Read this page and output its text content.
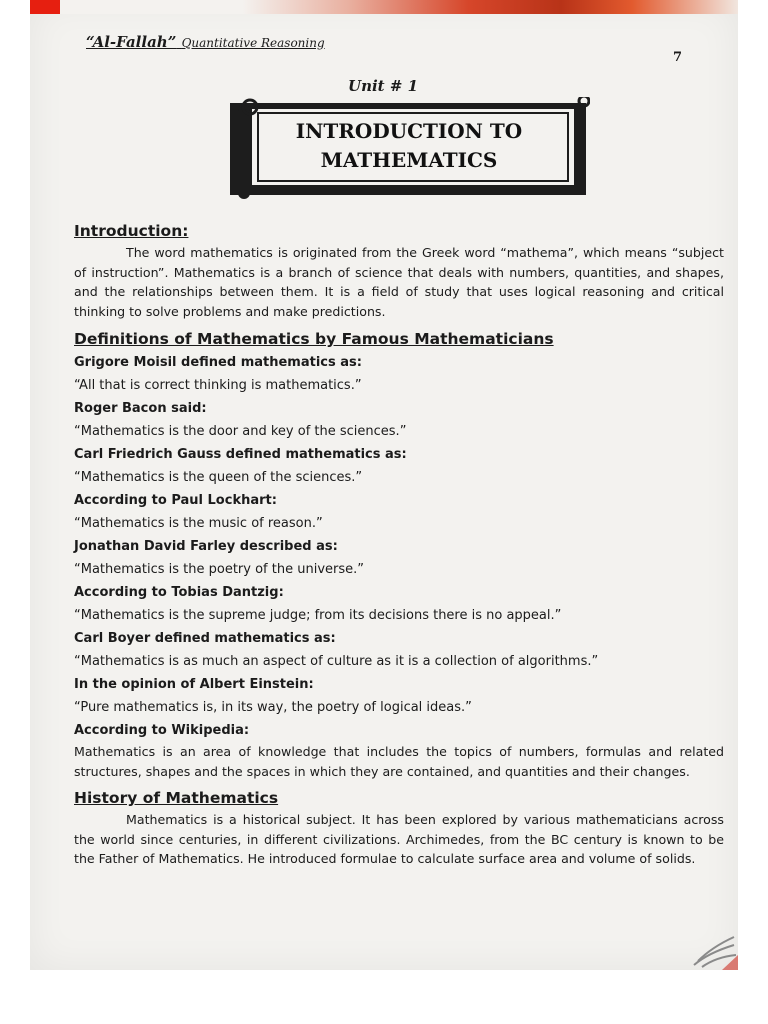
“Al-Fallah” Quantitative Reasoning
7
Unit # 1
INTRODUCTION TO
MATHEMATICS

Introduction:

The word mathematics is originated from the Greek word “mathema”, which means “subject of instruction”. Mathematics is a branch of science that deals with numbers, quantities, and shapes, and the relationships between them. It is a field of study that uses logical reasoning and critical thinking to solve problems and make predictions.

Definitions of Mathematics by Famous Mathematicians

Grigore Moisil defined mathematics as:

“All that is correct thinking is mathematics.”

Roger Bacon said:

“Mathematics is the door and key of the sciences.”

Carl Friedrich Gauss defined mathematics as:

“Mathematics is the queen of the sciences.”

According to Paul Lockhart:

“Mathematics is the music of reason.”

Jonathan David Farley described as:

“Mathematics is the poetry of the universe.”

According to Tobias Dantzig:

“Mathematics is the supreme judge; from its decisions there is no appeal.”

Carl Boyer defined mathematics as:

“Mathematics is as much an aspect of culture as it is a collection of algorithms.”

In the opinion of Albert Einstein:

“Pure mathematics is, in its way, the poetry of logical ideas.”

According to Wikipedia:

Mathematics is an area of knowledge that includes the topics of numbers, formulas and related structures, shapes and the spaces in which they are contained, and quantities and their changes.

History of Mathematics

Mathematics is a historical subject. It has been explored by various mathematicians across the world since centuries, in different civilizations. Archimedes, from the BC century is known to be the Father of Mathematics. He introduced formulae to calculate surface area and volume of solids.
